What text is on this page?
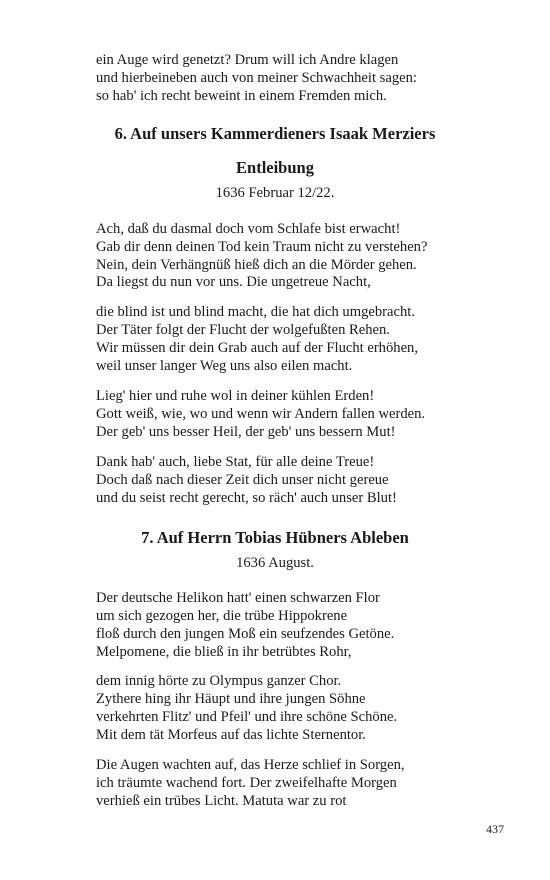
ein Auge wird genetzt? Drum will ich Andre klagen
und hierbeineben auch von meiner Schwachheit sagen:
so hab' ich recht beweint in einem Fremden mich.
6. Auf unsers Kammerdieners Isaak Merziers
Entleibung
1636 Februar 12/22.
Ach, daß du dasmal doch vom Schlafe bist erwacht!
Gab dir denn deinen Tod kein Traum nicht zu verstehen?
Nein, dein Verhängnüß hieß dich an die Mörder gehen.
Da liegst du nun vor uns. Die ungetreue Nacht,
die blind ist und blind macht, die hat dich umgebracht.
Der Täter folgt der Flucht der wolgefußten Rehen.
Wir müssen dir dein Grab auch auf der Flucht erhöhen,
weil unser langer Weg uns also eilen macht.
Lieg' hier und ruhe wol in deiner kühlen Erden!
Gott weiß, wie, wo und wenn wir Andern fallen werden.
Der geb' uns besser Heil, der geb' uns bessern Mut!
Dank hab' auch, liebe Stat, für alle deine Treue!
Doch daß nach dieser Zeit dich unser nicht gereue
und du seist recht gerecht, so räch' auch unser Blut!
7. Auf Herrn Tobias Hübners Ableben
1636 August.
Der deutsche Helikon hatt' einen schwarzen Flor
um sich gezogen her, die trübe Hippokrene
floß durch den jungen Moß ein seufzendes Getöne.
Melpomene, die bließ in ihr betrübtes Rohr,
dem innig hörte zu Olympus ganzer Chor.
Zythere hing ihr Häupt und ihre jungen Söhne
verkehrten Flitz' und Pfeil' und ihre schöne Schöne.
Mit dem tät Morfeus auf das lichte Sternentor.
Die Augen wachten auf, das Herze schlief in Sorgen,
ich träumte wachend fort. Der zweifelhafte Morgen
verhieß ein trübes Licht. Matuta war zu rot
437
